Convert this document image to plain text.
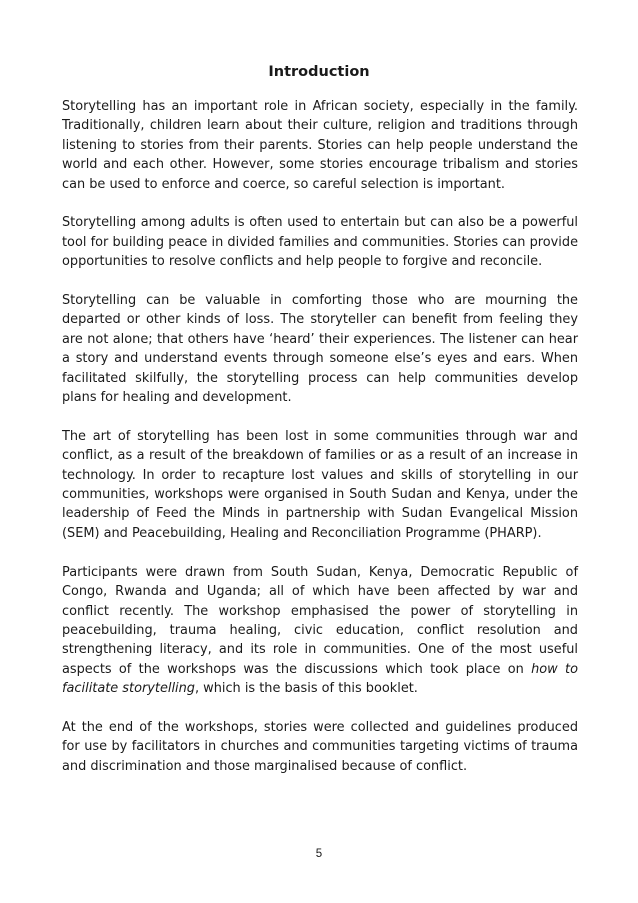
Introduction

Storytelling has an important role in African society, especially in the family. Traditionally, children learn about their culture, religion and traditions through listening to stories from their parents. Stories can help people understand the world and each other. However, some stories encourage tribalism and stories can be used to enforce and coerce, so careful selection is important.

Storytelling among adults is often used to entertain but can also be a powerful tool for building peace in divided families and communities. Stories can provide opportunities to resolve conflicts and help people to forgive and reconcile.

Storytelling can be valuable in comforting those who are mourning the departed or other kinds of loss. The storyteller can benefit from feeling they are not alone; that others have ‘heard’ their experiences. The listener can hear a story and understand events through someone else’s eyes and ears. When facilitated skilfully, the storytelling process can help communities develop plans for healing and development.

The art of storytelling has been lost in some communities through war and conflict, as a result of the breakdown of families or as a result of an increase in technology. In order to recapture lost values and skills of storytelling in our communities, workshops were organised in South Sudan and Kenya, under the leadership of Feed the Minds in partnership with Sudan Evangelical Mission (SEM) and Peacebuilding, Healing and Reconciliation Programme (PHARP).

Participants were drawn from South Sudan, Kenya, Democratic Republic of Congo, Rwanda and Uganda; all of which have been affected by war and conflict recently. The workshop emphasised the power of storytelling in peacebuilding, trauma healing, civic education, conflict resolution and strengthening literacy, and its role in communities. One of the most useful aspects of the workshops was the discussions which took place on how to facilitate storytelling, which is the basis of this booklet.

At the end of the workshops, stories were collected and guidelines produced for use by facilitators in churches and communities targeting victims of trauma and discrimination and those marginalised because of conflict.

5
